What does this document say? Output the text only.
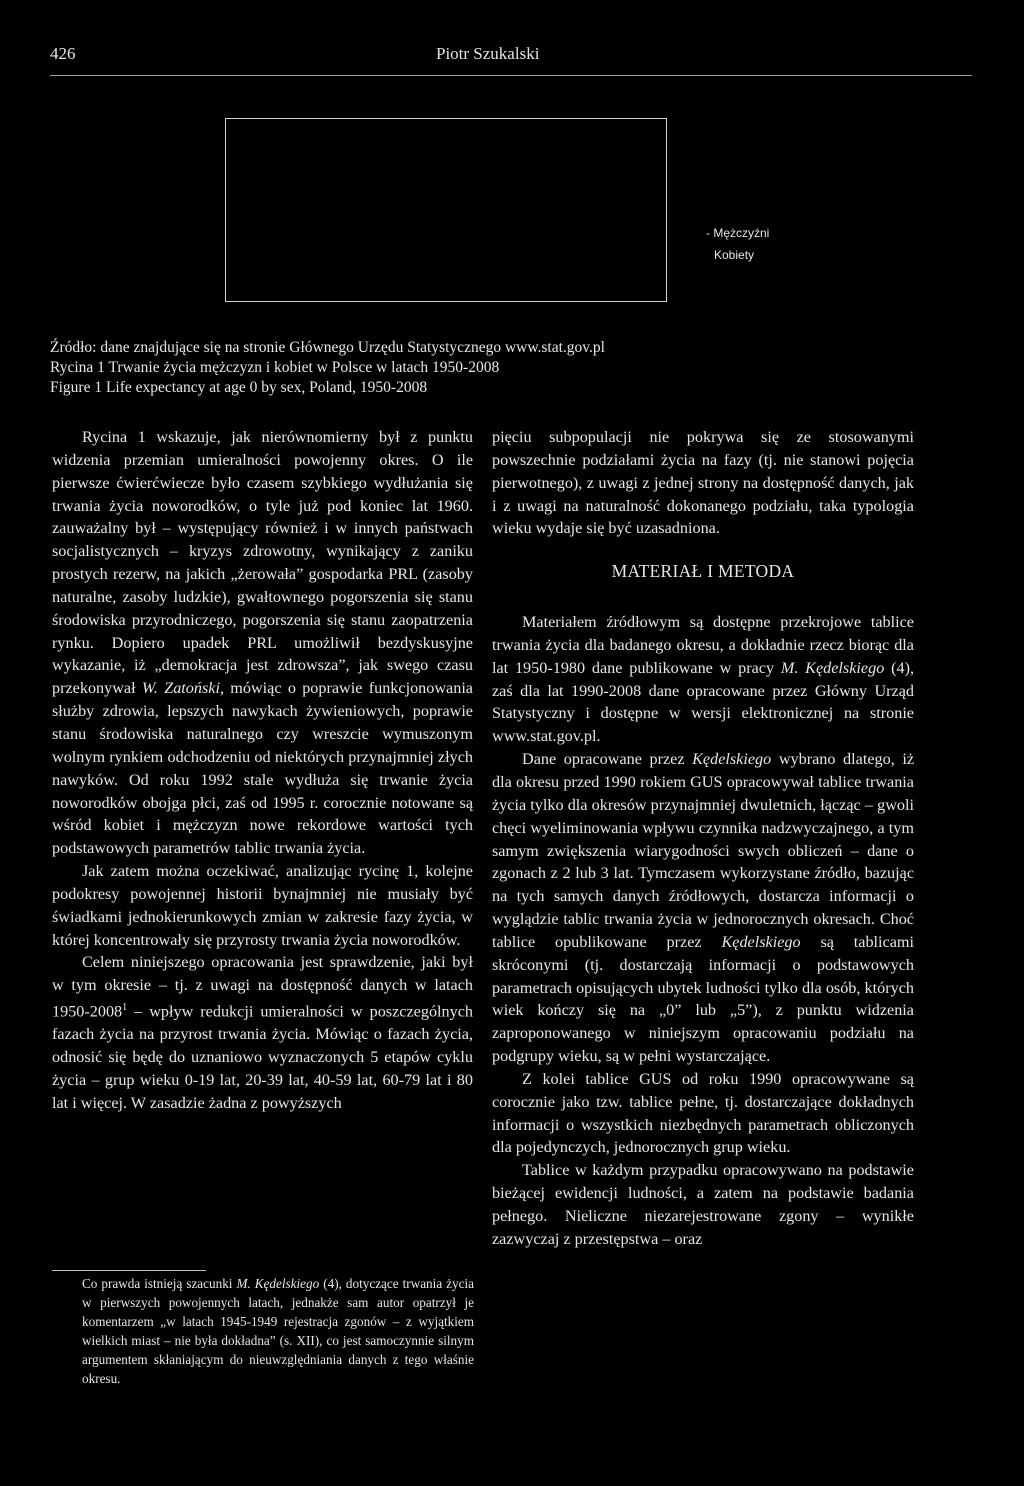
426	Piotr Szukalski
- Mężczyźni
Kobiety
Źródło: dane znajdujące się na stronie Głównego Urzędu Statystycznego www.stat.gov.pl
Rycina 1 Trwanie życia mężczyzn i kobiet w Polsce w latach 1950-2008
Figure 1 Life expectancy at age 0 by sex, Poland, 1950-2008

Rycina 1 wskazuje, jak nierównomierny był z punktu widzenia przemian umieralności powojenny okres. O ile pierwsze ćwierćwiecze było czasem szybkiego wydłużania się trwania życia noworodków, o tyle już pod koniec lat 1960. zauważalny był – występujący również i w innych państwach socjalistycznych – kryzys zdrowotny, wynikający z zaniku prostych rezerw, na jakich „żerowała” gospodarka PRL (zasoby naturalne, zasoby ludzkie), gwałtownego pogorszenia się stanu środowiska przyrodniczego, pogorszenia się stanu zaopatrzenia rynku. Dopiero upadek PRL umożliwił bezdyskusyjne wykazanie, iż „demokracja jest zdrowsza”, jak swego czasu przekonywał W. Zatoński, mówiąc o poprawie funkcjonowania służby zdrowia, lepszych nawykach żywieniowych, poprawie stanu środowiska naturalnego czy wreszcie wymuszonym wolnym rynkiem odchodzeniu od niektórych przynajmniej złych nawyków. Od roku 1992 stale wydłuża się trwanie życia noworodków obojga płci, zaś od 1995 r. corocznie notowane są wśród kobiet i mężczyzn nowe rekordowe wartości tych podstawowych parametrów tablic trwania życia.

Jak zatem można oczekiwać, analizując rycinę 1, kolejne podokresy powojennej historii bynajmniej nie musiały być świadkami jednokierunkowych zmian w zakresie fazy życia, w której koncentrowały się przyrosty trwania życia noworodków.

Celem niniejszego opracowania jest sprawdzenie, jaki był w tym okresie – tj. z uwagi na dostępność danych w latach 1950-2008$^1$ – wpływ redukcji umieralności w poszczególnych fazach życia na przyrost trwania życia. Mówiąc o fazach życia, odnosić się będę do uznaniowo wyznaczonych 5 etapów cyklu życia – grup wieku 0-19 lat, 20-39 lat, 40-59 lat, 60-79 lat i 80 lat i więcej. W zasadzie żadna z powyższych

Co prawda istnieją szacunki M. Kędelskiego (4), dotyczące trwania życia w pierwszych powojennych latach, jednakże sam autor opatrzył je komentarzem „w latach 1945-1949 rejestracja zgonów – z wyjątkiem wielkich miast – nie była dokładna” (s. XII), co jest samoczynnie silnym argumentem skłaniającym do nieuwzględniania danych z tego właśnie okresu.

pięciu subpopulacji nie pokrywa się ze stosowanymi powszechnie podziałami życia na fazy (tj. nie stanowi pojęcia pierwotnego), z uwagi z jednej strony na dostępność danych, jak i z uwagi na naturalność dokonanego podziału, taka typologia wieku wydaje się być uzasadniona.

MATERIAŁ I METODA

Materiałem źródłowym są dostępne przekrojowe tablice trwania życia dla badanego okresu, a dokładnie rzecz biorąc dla lat 1950-1980 dane publikowane w pracy M. Kędelskiego (4), zaś dla lat 1990-2008 dane opracowane przez Główny Urząd Statystyczny i dostępne w wersji elektronicznej na stronie www.stat.gov.pl.

Dane opracowane przez Kędelskiego wybrano dlatego, iż dla okresu przed 1990 rokiem GUS opracowywał tablice trwania życia tylko dla okresów przynajmniej dwuletnich, łącząc – gwoli chęci wyeliminowania wpływu czynnika nadzwyczajnego, a tym samym zwiększenia wiarygodności swych obliczeń – dane o zgonach z 2 lub 3 lat. Tymczasem wykorzystane źródło, bazując na tych samych danych źródłowych, dostarcza informacji o wyglądzie tablic trwania życia w jednorocznych okresach. Choć tablice opublikowane przez Kędelskiego są tablicami skróconymi (tj. dostarczają informacji o podstawowych parametrach opisujących ubytek ludności tylko dla osób, których wiek kończy się na „0” lub „5”), z punktu widzenia zaproponowanego w niniejszym opracowaniu podziału na podgrupy wieku, są w pełni wystarczające.

Z kolei tablice GUS od roku 1990 opracowywane są corocznie jako tzw. tablice pełne, tj. dostarczające dokładnych informacji o wszystkich niezbędnych parametrach obliczonych dla pojedynczych, jednorocznych grup wieku.

Tablice w każdym przypadku opracowywano na podstawie bieżącej ewidencji ludności, a zatem na podstawie badania pełnego. Nieliczne niezarejestrowane zgony – wynikłe zazwyczaj z przestępstwa – oraz
